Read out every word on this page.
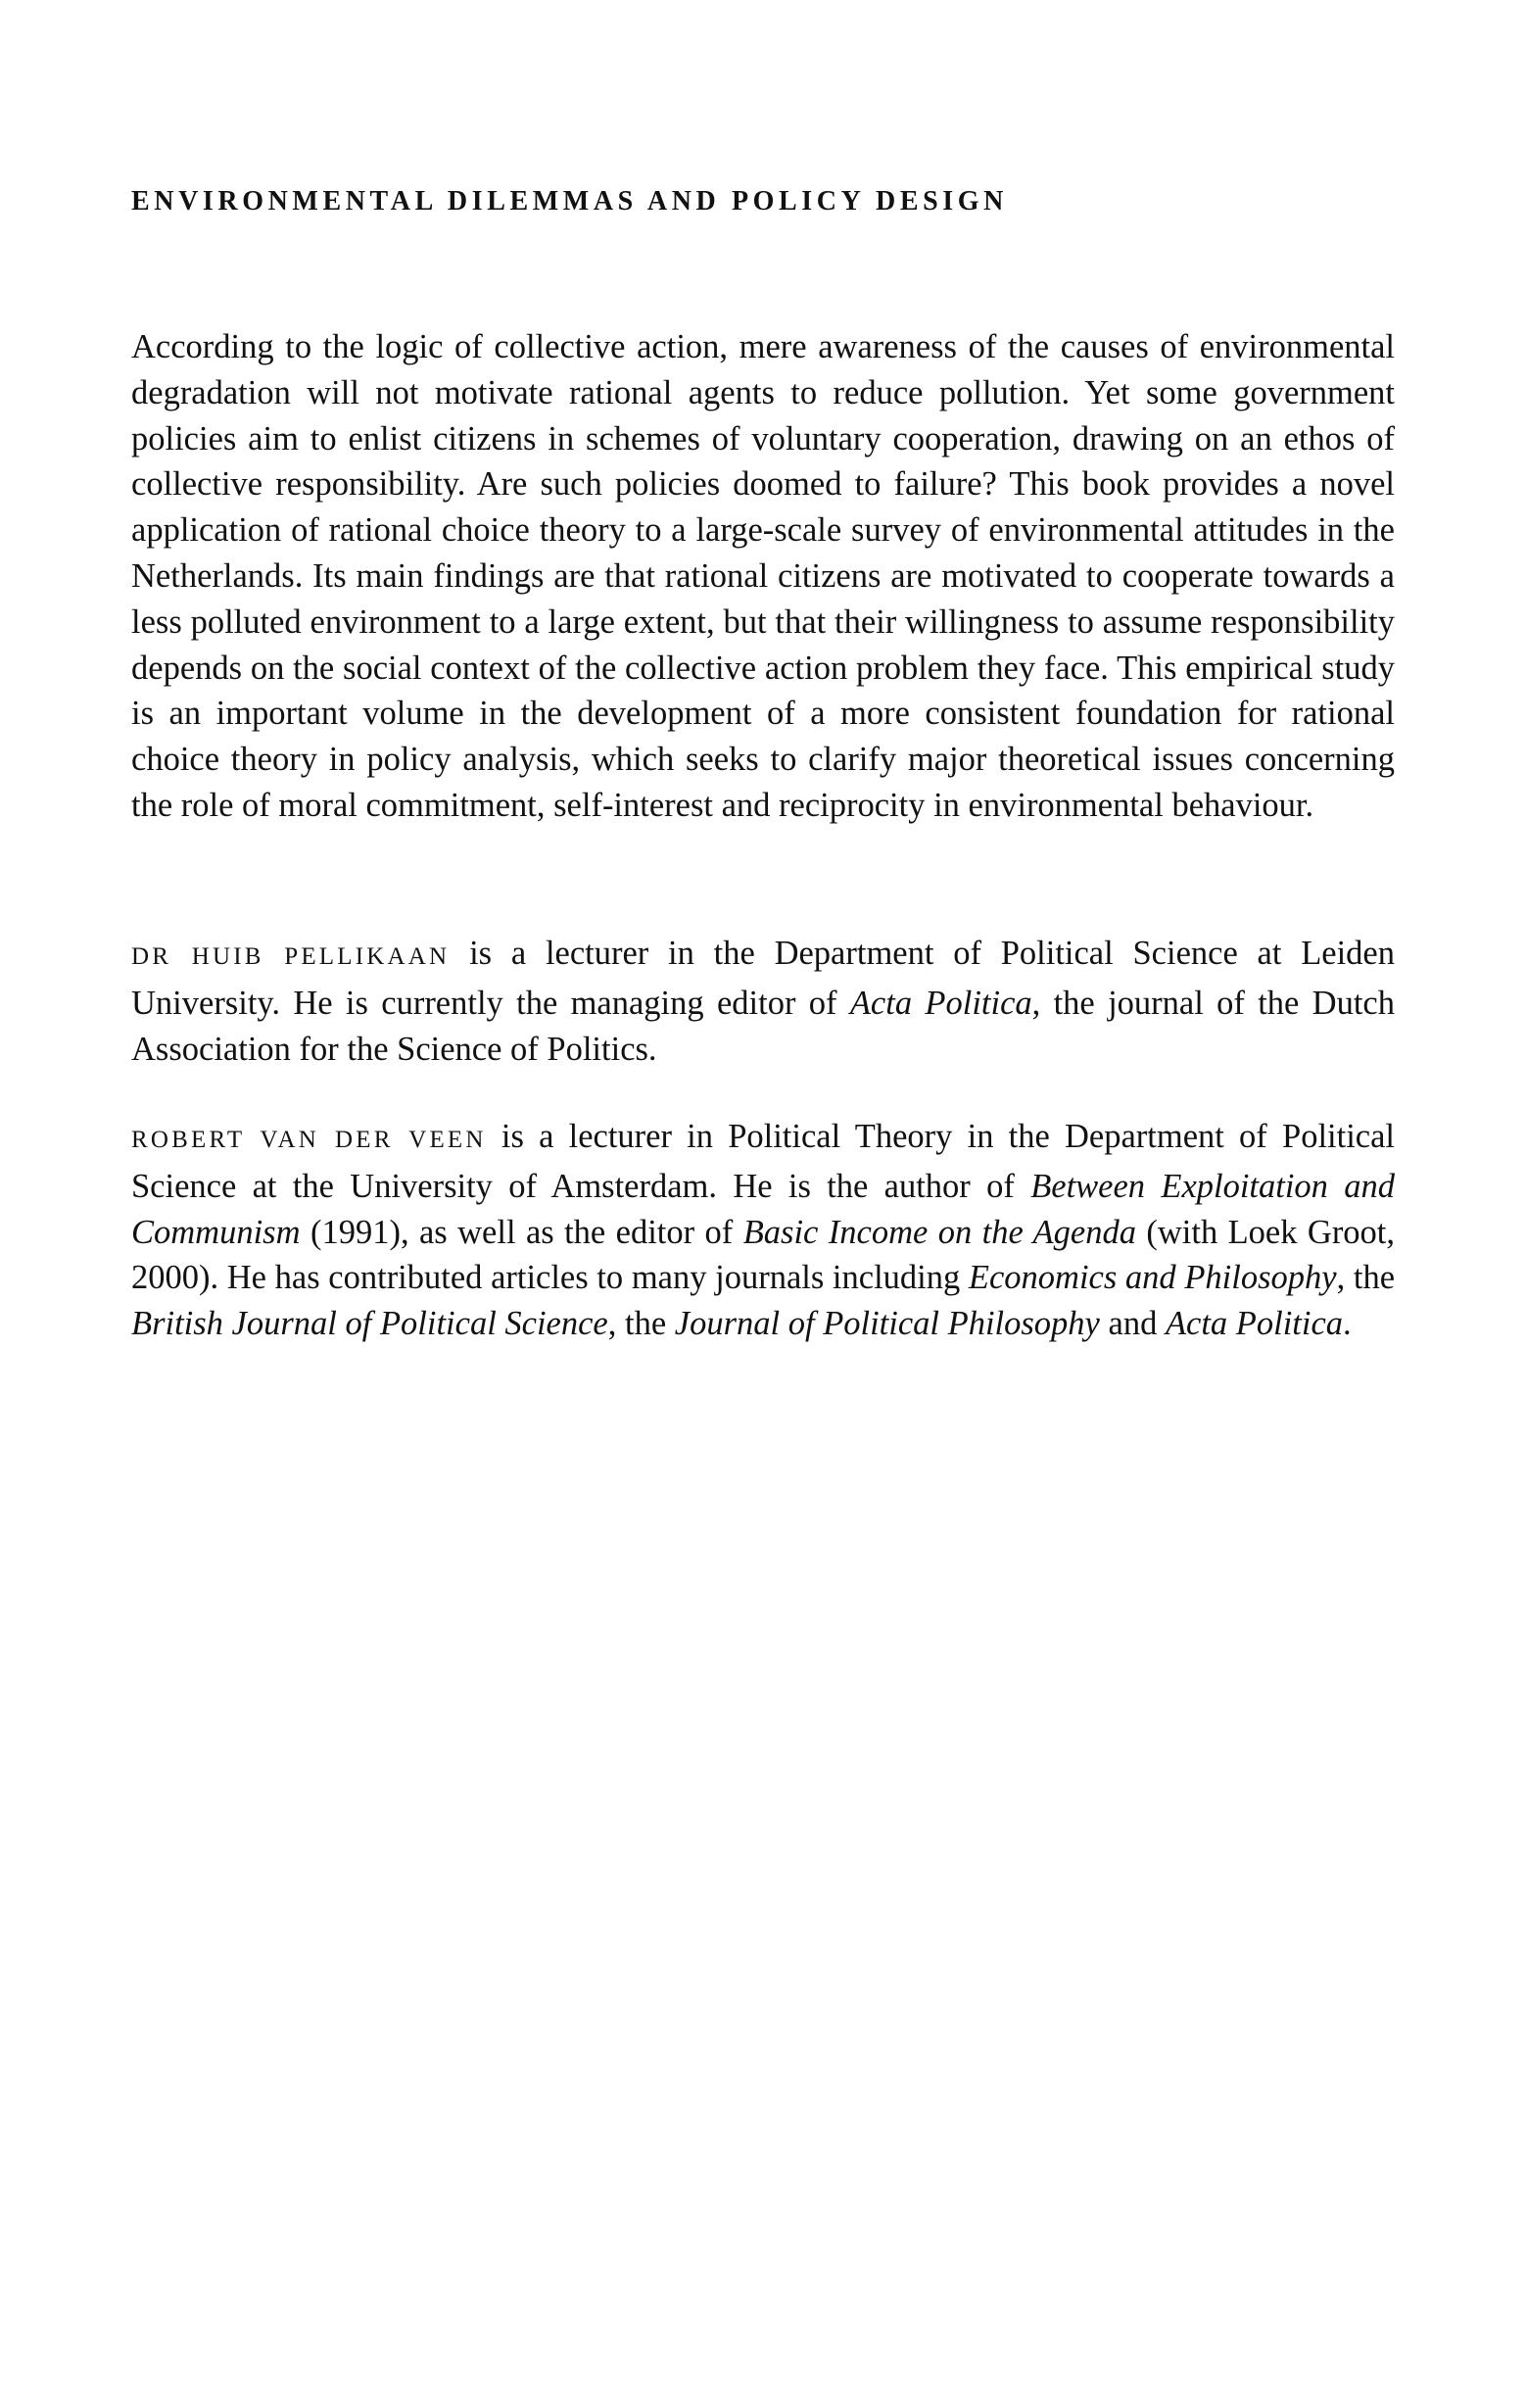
ENVIRONMENTAL DILEMMAS AND POLICY DESIGN

According to the logic of collective action, mere awareness of the causes of environmental degradation will not motivate rational agents to reduce pollution. Yet some government policies aim to enlist citizens in schemes of voluntary cooperation, drawing on an ethos of collective responsibility. Are such policies doomed to failure? This book provides a novel application of rational choice theory to a large-scale survey of environmental attitudes in the Netherlands. Its main findings are that rational citizens are motivated to cooperate towards a less polluted environment to a large extent, but that their willingness to assume responsibility depends on the social context of the collective action problem they face. This empirical study is an important volume in the development of a more consistent foundation for rational choice theory in policy analysis, which seeks to clarify major theoretical issues concerning the role of moral commitment, self-interest and reciprocity in environmental behaviour.

DR HUIB PELLIKAAN is a lecturer in the Department of Political Science at Leiden University. He is currently the managing editor of Acta Politica, the journal of the Dutch Association for the Science of Politics.

ROBERT VAN DER VEEN is a lecturer in Political Theory in the Department of Political Science at the University of Amsterdam. He is the author of Between Exploitation and Communism (1991), as well as the editor of Basic Income on the Agenda (with Loek Groot, 2000). He has contributed articles to many journals including Economics and Philosophy, the British Journal of Political Science, the Journal of Political Philosophy and Acta Politica.
